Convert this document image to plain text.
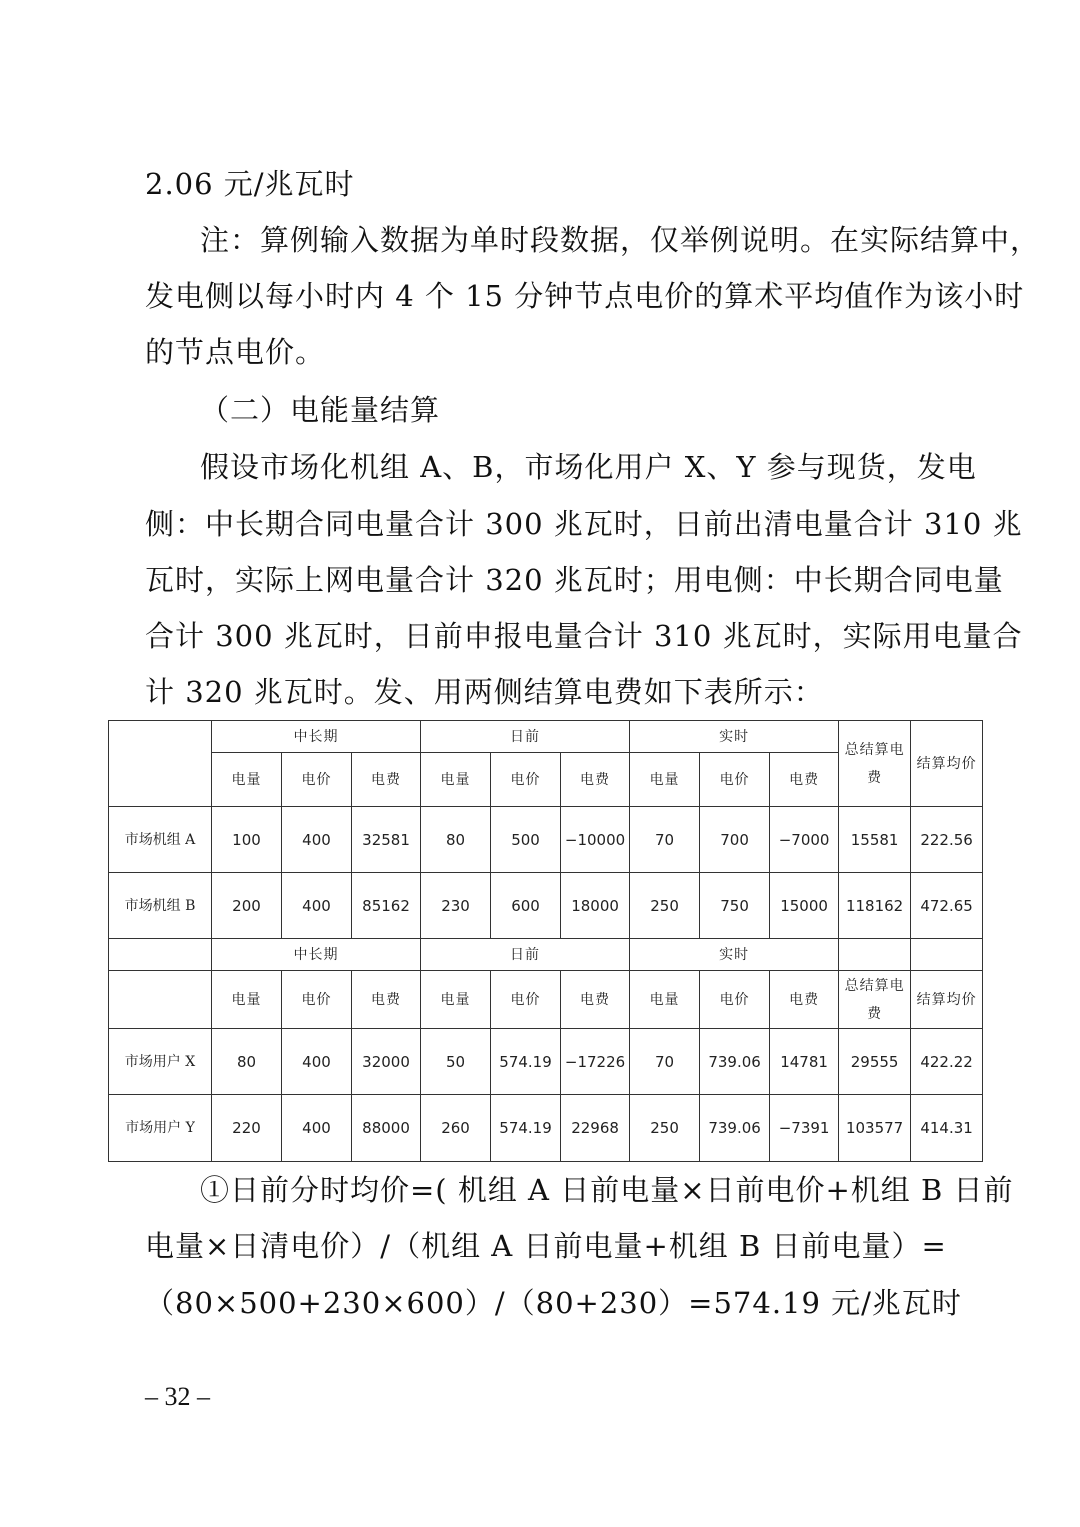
2.06 元/兆瓦时
注：算例输入数据为单时段数据，仅举例说明。在实际结算中，
发电侧以每小时内 4 个 15 分钟节点电价的算术平均值作为该小时
的节点电价。
（二）电能量结算
假设市场化机组 A、B，市场化用户 X、Y 参与现货，发电
侧：中长期合同电量合计 300 兆瓦时，日前出清电量合计 310 兆
瓦时，实际上网电量合计 320 兆瓦时；用电侧：中长期合同电量
合计 300 兆瓦时，日前申报电量合计 310 兆瓦时，实际用电量合
计 320 兆瓦时。发、用两侧结算电费如下表所示：
	中长期			日前			实时			总结算电费	结算均价
	电量	电价	电费	电量	电价	电费	电量	电价	电费		
市场机组 A	100	400	32581	80	500	−10000	70	700	−7000	15581	222.56
市场机组 B	200	400	85162	230	600	18000	250	750	15000	118162	472.65
	中长期			日前			实时				
	电量	电价	电费	电量	电价	电费	电量	电价	电费	总结算电费	结算均价
市场用户 X	80	400	32000	50	574.19	−17226	70	739.06	14781	29555	422.22
市场用户 Y	220	400	88000	260	574.19	22968	250	739.06	−7391	103577	414.31
①日前分时均价=( 机组 A 日前电量×日前电价+机组 B 日前
电量×日清电价）/（机组 A 日前电量+机组 B 日前电量）=
（80×500+230×600）/（80+230）=574.19 元/兆瓦时
– 32 –
